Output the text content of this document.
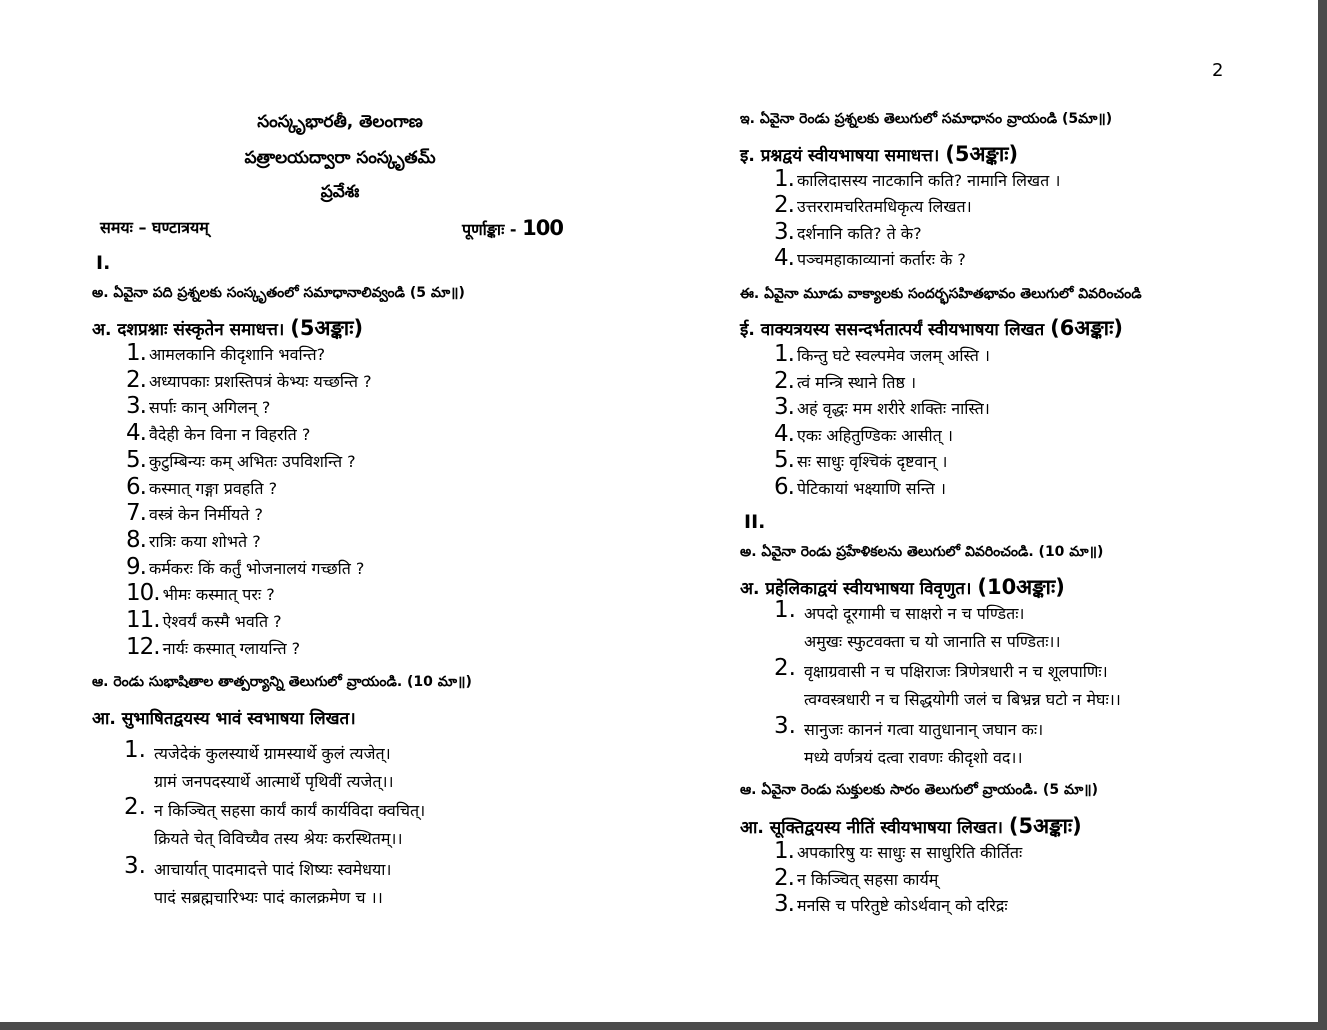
2
సంస్కృభారతీ, తెలంగాణ
పత్రాలయద్వారా సంస్కృతమ్
ప్రవేశః
समयः – घण्टात्रयम्	पूर्णाङ्काः - 100
I.
అ. ఏవైనా పది ప్రశ్నలకు సంస్కృతంలో సమాధానాలివ్వండి (5 మా॥)
अ. दशप्रश्नाः संस्कृतेन समाधत्त। (5अङ्काः)
1. आमलकानि कीदृशानि भवन्ति?
2. अध्यापकाः प्रशस्तिपत्रं केभ्यः यच्छन्ति ?
3. सर्पाः कान् अगिलन् ?
4. वैदेही केन विना न विहरति ?
5. कुटुम्बिन्यः कम् अभितः उपविशन्ति ?
6. कस्मात् गङ्गा प्रवहति ?
7. वस्त्रं केन निर्मीयते ?
8. रात्रिः कया शोभते ?
9. कर्मकरः किं कर्तुं भोजनालयं गच्छति ?
10. भीमः कस्मात् परः ?
11. ऐश्वर्यं कस्मै भवति ?
12. नार्यः कस्मात् ग्लायन्ति ?
ఆ. రెండు సుభాషితాల తాత్పర్యాన్ని తెలుగులో వ్రాయండి. (10 మా॥)
आ. सुभाषितद्वयस्य भावं स्वभाषया लिखत।
1. त्यजेदेकं कुलस्यार्थे ग्रामस्यार्थे कुलं त्यजेत्।
ग्रामं जनपदस्यार्थे आत्मार्थे पृथिवीं त्यजेत्।।
2. न किञ्चित् सहसा कार्यं कार्यं कार्यविदा क्वचित्।
क्रियते चेत् विविच्यैव तस्य श्रेयः करस्थितम्।।
3. आचार्यात् पादमादत्ते पादं शिष्यः स्वमेधया।
पादं सब्रह्मचारिभ्यः पादं कालक्रमेण च ।।
ఇ. ఏవైనా రెండు ప్రశ్నలకు తెలుగులో సమాధానం వ్రాయండి (5మా॥)
इ. प्रश्नद्वयं स्वीयभाषया समाधत्त। (5अङ्काः)
1. कालिदासस्य नाटकानि कति? नामानि लिखत ।
2. उत्तररामचरितमधिकृत्य लिखत।
3. दर्शनानि कति? ते के?
4. पञ्चमहाकाव्यानां कर्तारः के ?
ఈ. ఏవైనా మూడు వాక్యాలకు సందర్భసహితభావం తెలుగులో వివరించండి
ई. वाक्यत्रयस्य ससन्दर्भतात्पर्यं स्वीयभाषया लिखत (6अङ्काः)
1. किन्तु घटे स्वल्पमेव जलम् अस्ति ।
2. त्वं मन्त्रि स्थाने तिष्ठ ।
3. अहं वृद्धः मम शरीरे शक्तिः नास्ति।
4. एकः अहितुण्डिकः आसीत् ।
5. सः साधुः वृश्चिकं दृष्टवान् ।
6. पेटिकायां भक्ष्याणि सन्ति ।
II.
అ. ఏవైనా రెండు ప్రహేళికలను తెలుగులో వివరించండి. (10 మా॥)
अ. प्रहेलिकाद्वयं स्वीयभाषया विवृणुत। (10अङ्काः)
1. अपदो दूरगामी च साक्षरो न च पण्डितः।
अमुखः स्फुटवक्ता च यो जानाति स पण्डितः।।
2. वृक्षाग्रवासी न च पक्षिराजः त्रिणेत्रधारी न च शूलपाणिः।
त्वग्वस्त्रधारी न च सिद्धयोगी जलं च बिभ्रन्न घटो न मेघः।।
3. सानुजः काननं गत्वा यातुधानान् जघान कः।
मध्ये वर्णत्रयं दत्वा रावणः कीदृशो वद।।
ఆ. ఏవైనా రెండు సుక్తులకు సారం తెలుగులో వ్రాయండి. (5 మా॥)
आ. सूक्तिद्वयस्य नीतिं स्वीयभाषया लिखत। (5अङ्काः)
1. अपकारिषु यः साधुः स साधुरिति कीर्तितः
2. न किञ्चित् सहसा कार्यम्
3. मनसि च परितुष्टे कोऽर्थवान् को दरिद्रः
